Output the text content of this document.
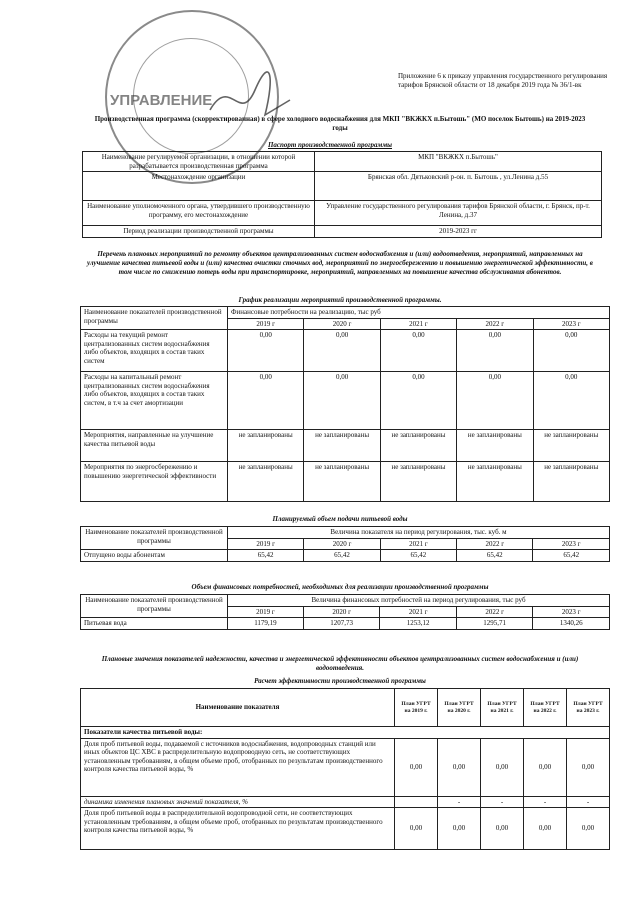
УПРАВЛЕНИЕ
Приложение 6 к приказу управления государственного регулирования тарифов Брянской области от 18 декабря 2019 года № 36/1-вк
Производственная программа (скорректированная) в сфере холодного водоснабжения для МКП "ВКЖКХ п.Бытошь" (МО поселок Бытошь) на 2019-2023 годы
Паспорт производственной программы
Наименование регулируемой организации, в отношении которой разрабатывается производственная программа	МКП "ВКЖКХ п.Бытошь"
Местонахождение организации	Брянская обл. Дятьковский р-он. п. Бытошь , ул.Ленина д.55
Наименование уполномоченного органа, утвердившего производственную программу, его местонахождение	Управление государственного регулирования тарифов Брянской области, г. Брянск, пр-т. Ленина, д.37
Период реализации производственной программы	2019-2023 гг
Перечень плановых мероприятий по ремонту объектов централизованных систем водоснабжения и (или) водоотведения, мероприятий, направленных на улучшение качества питьевой воды и (или) качества очистки сточных вод, мероприятий по энергосбережению и повышению энергетической эффективности, в том числе по снижению потерь воды при транспортировке, мероприятий, направленных на повышение качества обслуживания абонентов.
График реализации мероприятий производственной программы.
Наименование показателей производственной программы	Финансовые потребности на реализацию, тыс руб				
	2019 г	2020 г	2021 г	2022 г	2023 г
Расходы на текущий ремонт централизованных систем водоснабжения либо объектов, входящих в состав таких систем	0,00	0,00	0,00	0,00	0,00
Расходы на капитальный ремонт централизованных систем водоснабжения либо объектов, входящих в состав таких систем, в т.ч за счет амортизации	0,00	0,00	0,00	0,00	0,00
Мероприятия, направленные на улучшение качества питьевой воды	не запланированы	не запланированы	не запланированы	не запланированы	не запланированы
Мероприятия по энергосбережению и повышению энергетической эффективности	не запланированы	не запланированы	не запланированы	не запланированы	не запланированы
Планируемый объем подачи питьевой воды
Наименование показателей производственной программы	Величина показателя на период регулирования, тыс. куб. м				
	2019 г	2020 г	2021 г	2022 г	2023 г
Отпущено воды абонентам	65,42	65,42	65,42	65,42	65,42
Объем финансовых потребностей, необходимых для реализации производственной программы
Наименование показателей производственной программы	Величина финансовых потребностей на период регулирования, тыс руб				
	2019 г	2020 г	2021 г	2022 г	2023 г
Питьевая вода	1179,19	1207,73	1253,12	1295,71	1340,26
Плановые значения показателей надежности, качества и энергетической эффективности объектов централизованных систем водоснабжения и (или) водоотведения.
Расчет эффективности производственной программы
Наименование показателя	План УГРТ на 2019 г.	План УГРТ на 2020 г.	План УГРТ на 2021 г.	План УГРТ на 2022 г.	План УГРТ на 2023 г.
Показатели качества питьевой воды:					
Доля проб питьевой воды, подаваемой с источников водоснабжения, водопроводных станций или иных объектов ЦС ХВС в распределительную водопроводную сеть, не соответствующих установленным требованиям, в общем объеме проб, отобранных по результатам производственного контроля качества питьевой воды, %	0,00	0,00	0,00	0,00	0,00
динамика изменения плановых значений показателя, %		-	-	-	-
Доля проб питьевой воды в распределительной водопроводной сети, не соответствующих установленным требованиям, в общем объеме проб, отобранных по результатам производственного контроля качества питьевой воды, %	0,00	0,00	0,00	0,00	0,00
